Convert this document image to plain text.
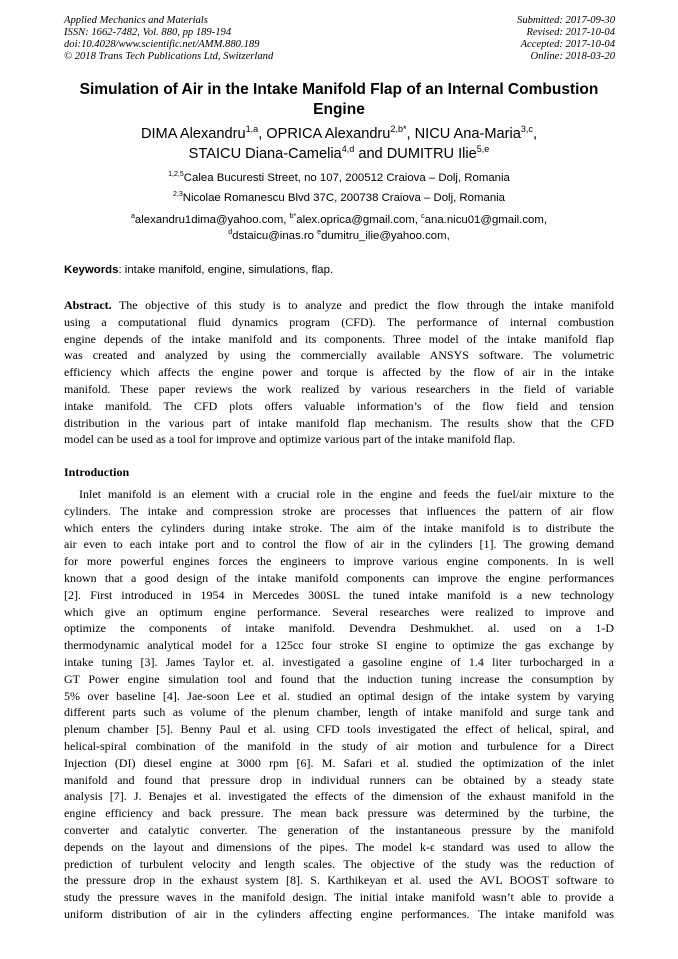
Applied Mechanics and Materials
ISSN: 1662-7482, Vol. 880, pp 189-194
doi:10.4028/www.scientific.net/AMM.880.189
© 2018 Trans Tech Publications Ltd, Switzerland
Submitted: 2017-09-30
Revised: 2017-10-04
Accepted: 2017-10-04
Online: 2018-03-20
Simulation of Air in the Intake Manifold Flap of an Internal Combustion
Engine
DIMA Alexandru$^{1,a}$, OPRICA Alexandru$^{2,b*}$, NICU Ana-Maria$^{3,c}$,
STAICU Diana-Camelia$^{4,d}$ and DUMITRU Ilie$^{5,e}$
$^{1,2,5}$Calea Bucuresti Street, no 107, 200512 Craiova – Dolj, Romania
$^{2,3}$Nicolae Romanescu Blvd 37C, 200738 Craiova – Dolj, Romania
$^a$alexandru1dima@yahoo.com, $^{b*}$alex.oprica@gmail.com, $^c$ana.nicu01@gmail.com,
$^d$dstaicu@inas.ro $^e$dumitru_ilie@yahoo.com,
Keywords: intake manifold, engine, simulations, flap.
Abstract. The objective of this study is to analyze and predict the flow through the intake manifold
using a computational fluid dynamics program (CFD). The performance of internal combustion
engine depends of the intake manifold and its components. Three model of the intake manifold flap
was created and analyzed by using the commercially available ANSYS software. The volumetric
efficiency which affects the engine power and torque is affected by the flow of air in the intake
manifold. These paper reviews the work realized by various researchers in the field of variable
intake manifold. The CFD plots offers valuable information’s of the flow field and tension
distribution in the various part of intake manifold flap mechanism. The results show that the CFD
model can be used as a tool for improve and optimize various part of the intake manifold flap.
Introduction
Inlet manifold is an element with a crucial role in the engine and feeds the fuel/air mixture to the
cylinders. The intake and compression stroke are processes that influences the pattern of air flow
which enters the cylinders during intake stroke. The aim of the intake manifold is to distribute the
air even to each intake port and to control the flow of air in the cylinders [1]. The growing demand
for more powerful engines forces the engineers to improve various engine components. In is well
known that a good design of the intake manifold components can improve the engine performances
[2]. First introduced in 1954 in Mercedes 300SL the tuned intake manifold is a new technology
which give an optimum engine performance. Several researches were realized to improve and
optimize the components of intake manifold. Devendra Deshmukhet. al. used on a 1-D
thermodynamic analytical model for a 125cc four stroke SI engine to optimize the gas exchange by
intake tuning [3]. James Taylor et. al. investigated a gasoline engine of 1.4 liter turbocharged in a
GT Power engine simulation tool and found that the induction tuning increase the consumption by
5% over baseline [4]. Jae-soon Lee et al. studied an optimal design of the intake system by varying
different parts such as volume of the plenum chamber, length of intake manifold and surge tank and
plenum chamber [5]. Benny Paul et al. using CFD tools investigated the effect of helical, spiral, and
helical-spiral combination of the manifold in the study of air motion and turbulence for a Direct
Injection (DI) diesel engine at 3000 rpm [6]. M. Safari et al. studied the optimization of the inlet
manifold and found that pressure drop in individual runners can be obtained by a steady state
analysis [7]. J. Benajes et al. investigated the effects of the dimension of the exhaust manifold in the
engine efficiency and back pressure. The mean back pressure was determined by the turbine, the
converter and catalytic converter. The generation of the instantaneous pressure by the manifold
depends on the layout and dimensions of the pipes. The model k-ϵ standard was used to allow the
prediction of turbulent velocity and length scales. The objective of the study was the reduction of
the pressure drop in the exhaust system [8]. S. Karthikeyan et al. used the AVL BOOST software to
study the pressure waves in the manifold design. The initial intake manifold wasn’t able to provide a
uniform distribution of air in the cylinders affecting engine performances. The intake manifold was
